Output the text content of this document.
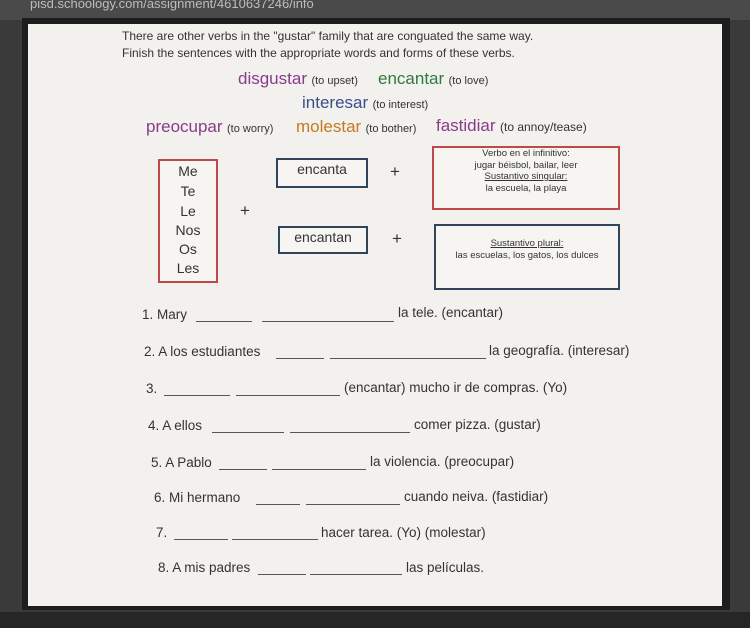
pisd.schoology.com/assignment/4610637246/info
There are other verbs in the "gustar" family that are conguated the same way.
Finish the sentences with the appropriate words and forms of these verbs.
disgustar (to upset) encantar (to love)
interesar (to interest)
preocupar (to worry) molestar (to bother) fastidiar (to annoy/tease)
Me
Te
Le
Nos
Os
Les
+
encanta	+
encantan	+
Verbo en el infinitivo:
jugar béisbol, bailar, leer
Sustantivo singular:
la escuela, la playa
Sustantivo plural:
las escuelas, los gatos, los dulces
1. Mary	la tele. (encantar)
2. A los estudiantes	la geografía. (interesar)
3.	(encantar) mucho ir de compras. (Yo)
4. A ellos	comer pizza. (gustar)
5. A Pablo	la violencia. (preocupar)
6. Mi hermano	cuando neiva. (fastidiar)
7.	hacer tarea. (Yo) (molestar)
8. A mis padres	las películas.
